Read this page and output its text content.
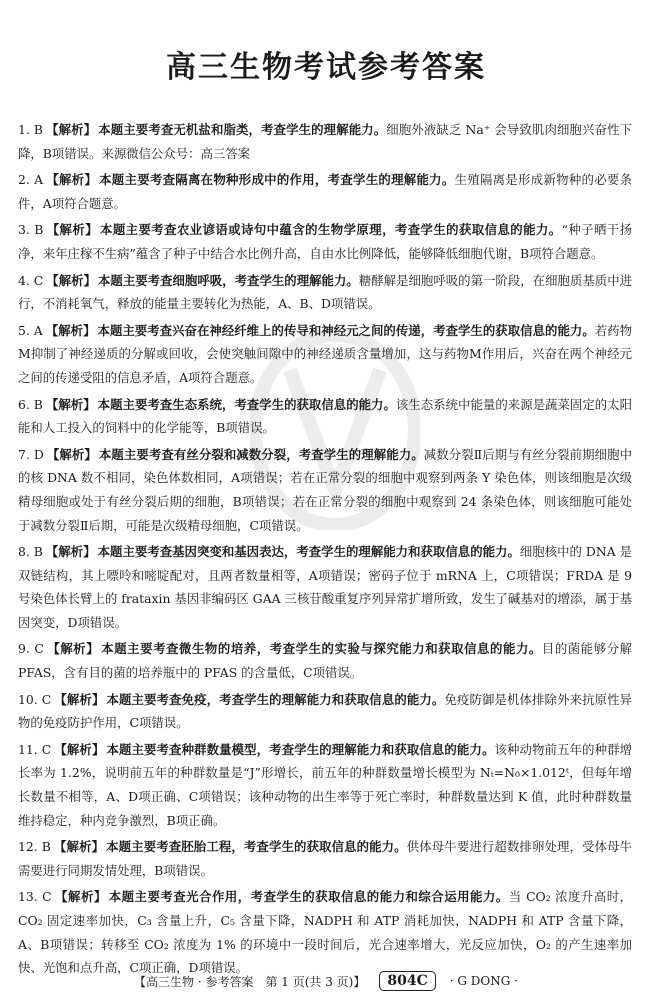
高三生物考试参考答案
1. B 【解析】 本题主要考查无机盐和脂类，考查学生的理解能力。细胞外液缺乏 Na⁺ 会导致肌肉细胞兴奋性下降，B项错误。来源微信公众号：高三答案
2. A 【解析】 本题主要考查隔离在物种形成中的作用，考查学生的理解能力。生殖隔离是形成新物种的必要条件，A项符合题意。
3. B 【解析】 本题主要考查农业谚语或诗句中蕴含的生物学原理，考查学生的获取信息的能力。“种子晒干扬净，来年庄稼不生病”蕴含了种子中结合水比例升高，自由水比例降低，能够降低细胞代谢，B项符合题意。
4. C 【解析】 本题主要考查细胞呼吸，考查学生的理解能力。糖酵解是细胞呼吸的第一阶段，在细胞质基质中进行，不消耗氧气，释放的能量主要转化为热能，A、B、D项错误。
5. A 【解析】 本题主要考查兴奋在神经纤维上的传导和神经元之间的传递，考查学生的获取信息的能力。若药物M抑制了神经递质的分解或回收，会使突触间隙中的神经递质含量增加，这与药物M作用后，兴奋在两个神经元之间的传递受阻的信息矛盾，A项符合题意。
6. B 【解析】 本题主要考查生态系统，考查学生的获取信息的能力。该生态系统中能量的来源是蔬菜固定的太阳能和人工投入的饲料中的化学能等，B项错误。
7. D 【解析】 本题主要考查有丝分裂和减数分裂，考查学生的理解能力。减数分裂Ⅱ后期与有丝分裂前期细胞中的核 DNA 数不相同，染色体数相同，A项错误；若在正常分裂的细胞中观察到两条 Y 染色体，则该细胞是次级精母细胞或处于有丝分裂后期的细胞，B项错误；若在正常分裂的细胞中观察到 24 条染色体，则该细胞可能处于减数分裂Ⅱ后期，可能是次级精母细胞，C项错误。
8. B 【解析】 本题主要考查基因突变和基因表达，考查学生的理解能力和获取信息的能力。细胞核中的 DNA 是双链结构，其上嘌呤和嘧啶配对，且两者数量相等，A项错误；密码子位于 mRNA 上，C项错误；FRDA 是 9 号染色体长臂上的 frataxin 基因非编码区 GAA 三核苷酸重复序列异常扩增所致，发生了碱基对的增添，属于基因突变，D项错误。
9. C 【解析】 本题主要考查微生物的培养，考查学生的实验与探究能力和获取信息的能力。目的菌能够分解 PFAS，含有目的菌的培养瓶中的 PFAS 的含量低，C项错误。
10. C 【解析】 本题主要考查免疫，考查学生的理解能力和获取信息的能力。免疫防御是机体排除外来抗原性异物的免疫防护作用，C项错误。
11. C 【解析】 本题主要考查种群数量模型，考查学生的理解能力和获取信息的能力。该种动物前五年的种群增长率为 1.2%，说明前五年的种群数量是“J”形增长，前五年的种群数量增长模型为 Nₜ=N₀×1.012ᵗ，但每年增长数量不相等，A、D项正确、C项错误；该种动物的出生率等于死亡率时，种群数量达到 K 值，此时种群数量维持稳定，种内竞争激烈，B项正确。
12. B 【解析】 本题主要考查胚胎工程，考查学生的获取信息的能力。供体母牛要进行超数排卵处理，受体母牛需要进行同期发情处理，B项错误。
13. C 【解析】 本题主要考查光合作用，考查学生的获取信息的能力和综合运用能力。当 CO₂ 浓度升高时，CO₂ 固定速率加快，C₃ 含量上升，C₅ 含量下降，NADPH 和 ATP 消耗加快，NADPH 和 ATP 含量下降，A、B项错误；转移至 CO₂ 浓度为 1% 的环境中一段时间后，光合速率增大，光反应加快，O₂ 的产生速率加快、光饱和点升高，C项正确，D项错误。
【高三生物 · 参考答案　第 1 页(共 3 页)】	804C	· G DONG ·
